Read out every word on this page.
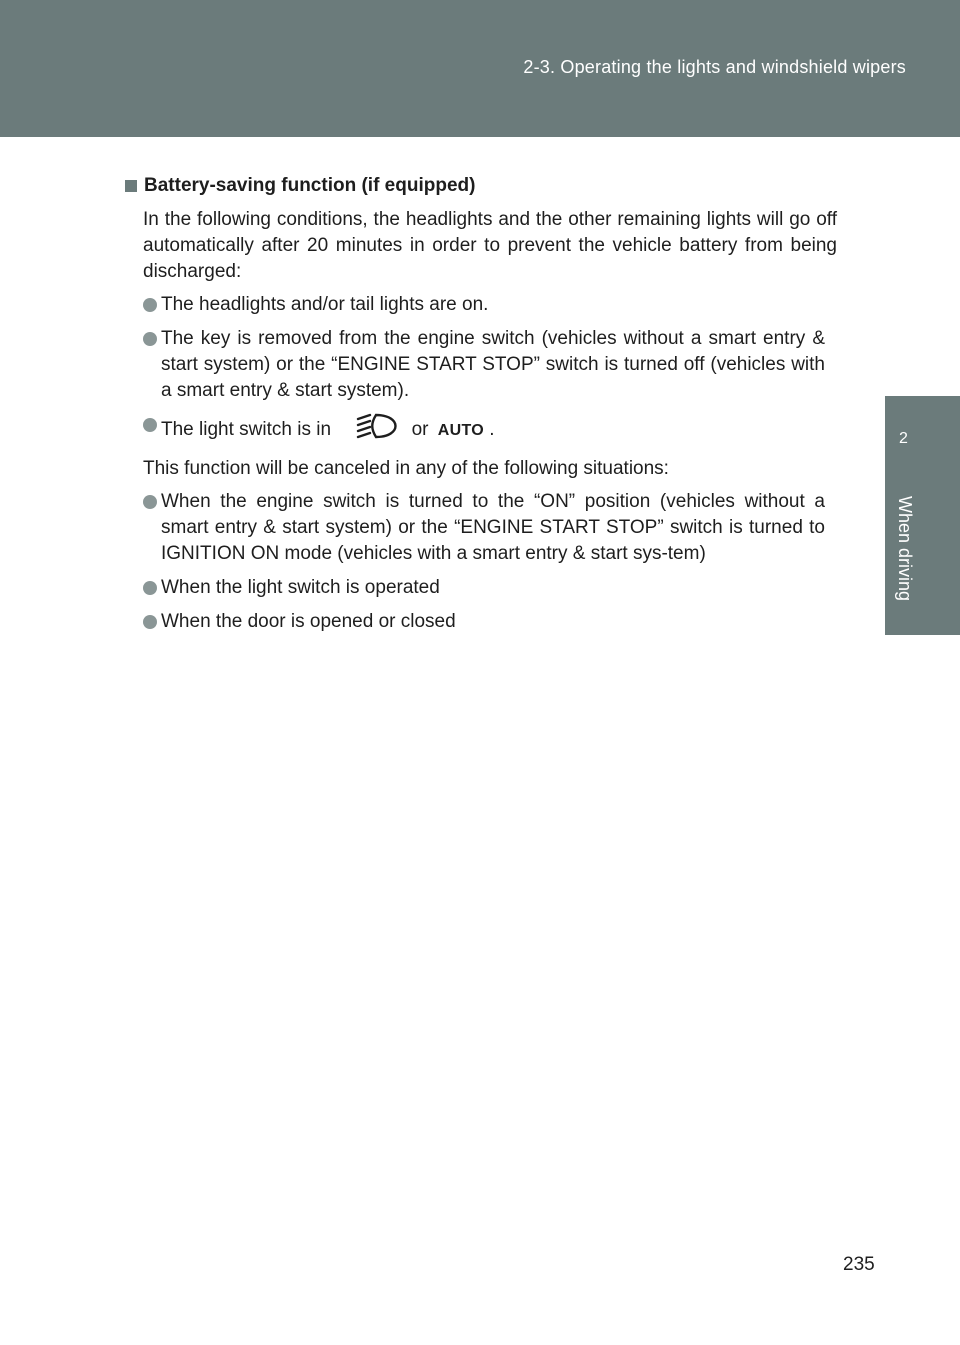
2-3. Operating the lights and windshield wipers
2
When driving
Battery-saving function (if equipped)

In the following conditions, the headlights and the other remaining lights will go off automatically after 20 minutes in order to prevent the vehicle battery from being discharged:

The headlights and/or tail lights are on.
The key is removed from the engine switch (vehicles without a smart entry & start system) or the “ENGINE START STOP” switch is turned off (vehicles with a smart entry & start system).
The light switch is in	or AUTO .

This function will be canceled in any of the following situations:

When the engine switch is turned to the “ON” position (vehicles without a smart entry & start system) or the “ENGINE START STOP” switch is turned to IGNITION ON mode (vehicles with a smart entry & start sys-tem)
When the light switch is operated
When the door is opened or closed
235
